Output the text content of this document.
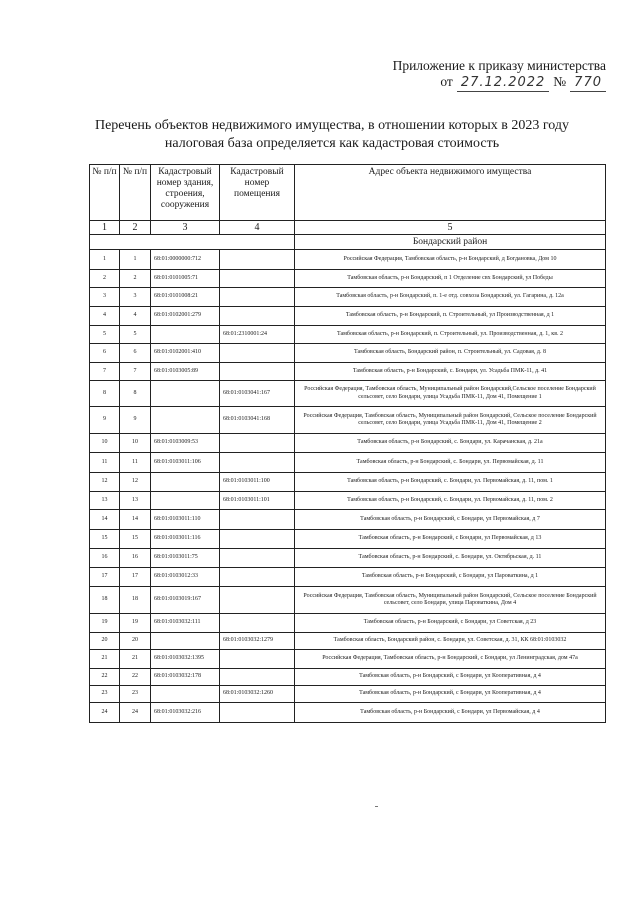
Приложение к приказу министерства
от 27.12.2022 № 770
Перечень объектов недвижимого имущества, в отношении которых в 2023 году
налоговая база определяется как кадастровая стоимость
№ п/п	№ п/п	Кадастровый номер здания, строения, сооружения	Кадастровый номер помещения	Адрес объекта недвижимого имущества
1	2	3	4	5
				Бондарский район
1	1	68:01:0000000:712		Российская Федерация, Тамбовская область, р-н Бондарский, д Богдановка, Дом 10
2	2	68:01:0101005:71		Тамбовская область, р-н Бондарский, п 1 Отделение свх Бондарский, ул Победы
3	3	68:01:0101008:21		Тамбовская область, р-н Бондарский, п. 1-е отд. совхоза Бондарский, ул. Гагарина, д. 12а
4	4	68:01:0102001:279		Тамбовская область, р-н Бондарский, п. Строительный, ул Производственная, д 1
5	5		68:01:2310001:24	Тамбовская область, р-н Бондарский, п. Строительный, ул. Производственная, д. 1, кв. 2
6	6	68:01:0102001:410		Тамбовская область, Бондарский район, п. Строительный, ул. Садовая, д. 8
7	7	68:01:0103005:89		Тамбовская область, р-н Бондарский, с. Бондари, ул. Усадьба ПМК-11, д. 41
8	8		68:01:0103041:167	Российская Федерация, Тамбовская область, Муниципальный район Бондарский,Сельское поселение Бондарский сельсовет, село Бондари, улица Усадьба ПМК-11, Дом 41, Помещение 1
9	9		68:01:0103041:168	Российская Федерация, Тамбовская область, Муниципальный район Бондарский, Сельское поселение Бондарский сельсовет, село Бондари, улица Усадьба ПМК-11, Дом 41, Помещение 2
10	10	68:01:0103009:53		Тамбовская область, р-н Бондарский, с. Бондари, ул. Карачанская, д. 21а
11	11	68:01:0103011:106		Тамбовская область, р-н Бондарский, с. Бондари, ул. Первомайская, д. 11
12	12		68:01:0103011:100	Тамбовская область, р-н Бондарский, с. Бондари, ул. Первомайская, д. 11, пом. 1
13	13		68:01:0103011:101	Тамбовская область, р-н Бондарский, с. Бондари, ул. Первомайская, д. 11, пом. 2
14	14	68:01:0103011:110		Тамбовская область, р-н Бондарский, с Бондари, ул Первомайская, д 7
15	15	68:01:0103011:116		Тамбовская область, р-н Бондарский, с Бондари, ул Первомайская, д 13
16	16	68:01:0103011:75		Тамбовская область, р-н Бондарский, с. Бондари, ул. Октябрьская, д. 11
17	17	68:01:0103012:33		Тамбовская область, р-н Бондарский, с Бондари, ул Пароваткина, д 1
18	18	68:01:0103019:167		Российская Федерация, Тамбовская область, Муниципальный район Бондарский, Сельское поселение Бондарский сельсовет, село Бондари, улица Пароваткина, Дом 4
19	19	68:01:0103032:111		Тамбовская область, р-н Бондарский, с Бондари, ул Советская, д 23
20	20		68:01:0103032:1279	Тамбовская область, Бондарский район, с. Бондари, ул. Советская, д. 31, КК 68:01:0103032
21	21	68:01:0103032:1395		Российская Федерация, Тамбовская область, р-н Бондарский, с Бондари, ул Ленинградская, дом 47а
22	22	68:01:0103032:178		Тамбовская область, р-н Бондарский, с Бондари, ул Кооперативная, д 4
23	23		68:01:0103032:1260	Тамбовская область, р-н Бондарский, с Бондари, ул Кооперативная, д 4
24	24	68:01:0103032:216		Тамбовская область, р-н Бондарский, с Бондари, ул Первомайская, д 4
